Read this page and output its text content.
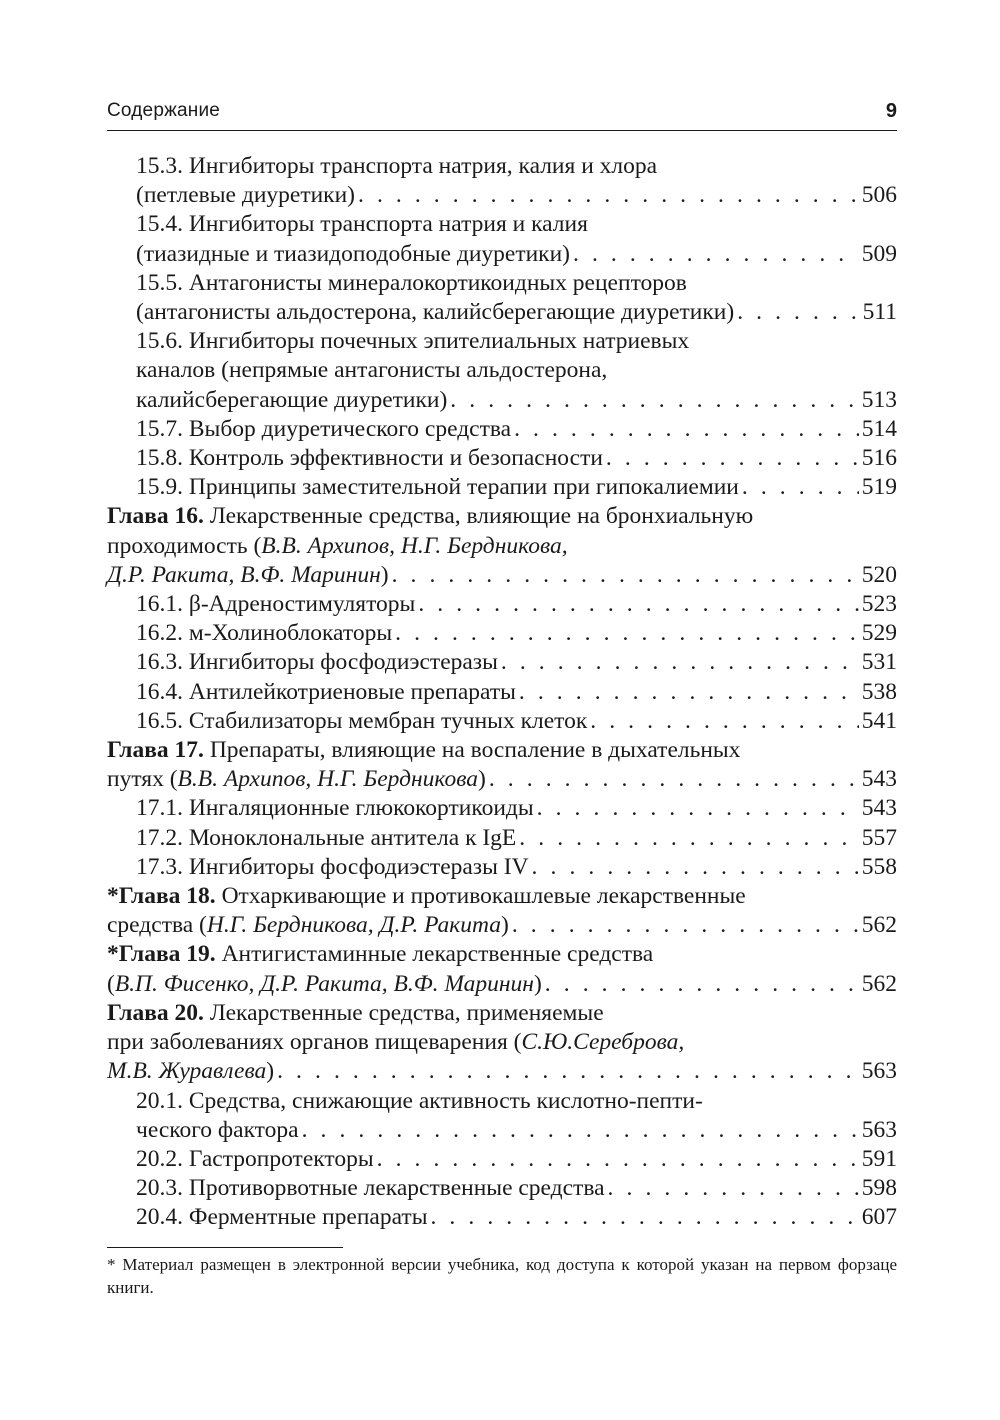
Содержание	9
15.3. Ингибиторы транспорта натрия, калия и хлора
(петлевые диуретики) . . .	506
15.4. Ингибиторы транспорта натрия и калия
(тиазидные и тиазидоподобные диуретики) . . .	509
15.5. Антагонисты минералокортикоидных рецепторов
(антагонисты альдостерона, калийсберегающие диуретики) . . .	511
15.6. Ингибиторы почечных эпителиальных натриевых
каналов (непрямые антагонисты альдостерона,
калийсберегающие диуретики) . . .	513
15.7. Выбор диуретического средства . . .	514
15.8. Контроль эффективности и безопасности . . .	516
15.9. Принципы заместительной терапии при гипокалиемии . . .	519
Глава 16. Лекарственные средства, влияющие на бронхиальную
проходимость ( В.В. Архипов, Н.Г. Бердникова,
Д.Р. Ракита, В.Ф. Маринин ) . . .	520
16.1. β-Адреностимуляторы . . .	523
16.2. м-Холиноблокаторы . . .	529
16.3. Ингибиторы фосфодиэстеразы . . .	531
16.4. Антилейкотриеновые препараты . . .	538
16.5. Стабилизаторы мембран тучных клеток . . .	541
Глава 17. Препараты, влияющие на воспаление в дыхательных
путях ( В.В. Архипов, Н.Г. Бердникова ) . . .	543
17.1. Ингаляционные глюкокортикоиды . . .	543
17.2. Моноклональные антитела к IgE . . .	557
17.3. Ингибиторы фосфодиэстеразы IV . . .	558
*Глава 18. Отхаркивающие и противокашлевые лекарственные
средства ( Н.Г. Бердникова, Д.Р. Ракита ) . . .	562
*Глава 19. Антигистаминные лекарственные средства
( В.П. Фисенко, Д.Р. Ракита, В.Ф. Маринин ) . . .	562
Глава 20. Лекарственные средства, применяемые
при заболеваниях органов пищеварения ( С.Ю.Сереброва,
М.В. Журавлева ) . . .	563
20.1. Средства, снижающие активность кислотно-пепти-
ческого фактора . . .	563
20.2. Гастропротекторы . . .	591
20.3. Противорвотные лекарственные средства . . .	598
20.4. Ферментные препараты . . .	607
* Материал размещен в электронной версии учебника, код доступа к которой указан на первом форзаце книги.
